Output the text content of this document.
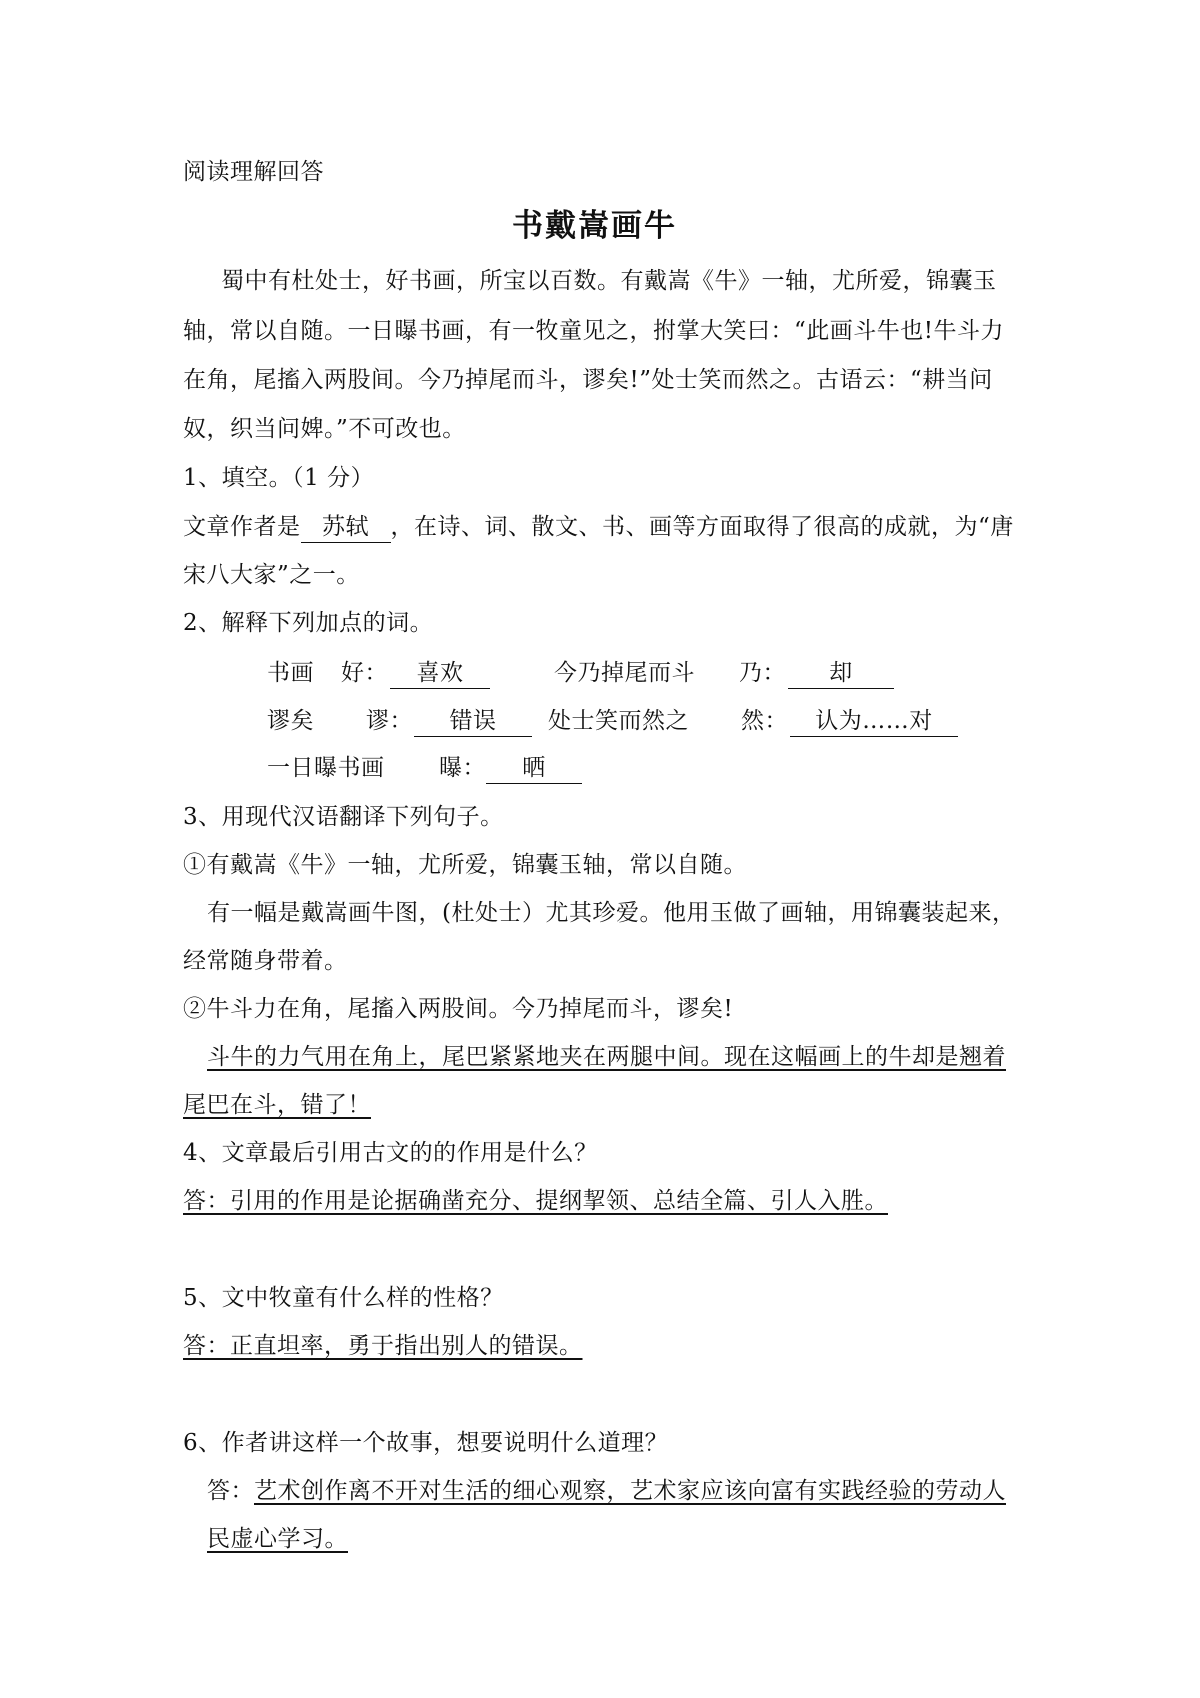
阅读理解回答
书戴嵩画牛
蜀中有杜处士，好书画，所宝以百数。有戴嵩《牛》一轴，尤所爱，锦囊玉
轴，常以自随。一日曝书画，有一牧童见之，拊掌大笑曰：“此画斗牛也!牛斗力
在角，尾搐入两股间。今乃掉尾而斗，谬矣!”处士笑而然之。古语云：“耕当问
奴，织当问婢。”不可改也。
1、填空。（1 分）
文章作者是 苏轼 ，在诗、词、散文、书、画等方面取得了很高的成就，为“唐
宋八大家”之一。
2、解释下列加点的词。
书画 好：	喜欢	今乃掉尾而斗 乃：	却
谬矣 谬：	错误	处士笑而然之 然：	认为……对
一日曝书画 曝：	晒
3、用现代汉语翻译下列句子。
①有戴嵩《牛》一轴，尤所爱，锦囊玉轴，常以自随。
有一幅是戴嵩画牛图，(杜处士）尤其珍爱。他用玉做了画轴，用锦囊装起来，
经常随身带着。
②牛斗力在角，尾搐入两股间。今乃掉尾而斗，谬矣!
斗牛的力气用在角上，尾巴紧紧地夹在两腿中间。现在这幅画上的牛却是翘着
尾巴在斗，错了！
4、文章最后引用古文的的作用是什么？
答：引用的作用是论据确凿充分、提纲挈领、总结全篇、引人入胜。
5、文中牧童有什么样的性格？
答：正直坦率，勇于指出别人的错误。
6、作者讲这样一个故事，想要说明什么道理？
答：艺术创作离不开对生活的细心观察，艺术家应该向富有实践经验的劳动人
民虚心学习。
